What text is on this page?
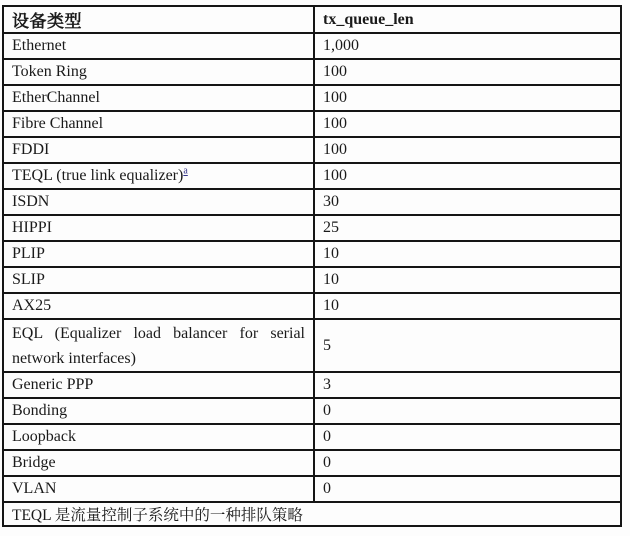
设备类型	tx_queue_len
Ethernet	1,000
Token Ring	100
EtherChannel	100
Fibre Channel	100
FDDI	100
TEQL (true link equalizer)$^a$	100
ISDN	30
HIPPI	25
PLIP	10
SLIP	10
AX25	10
EQL (Equalizer load balancer for serial network interfaces)	5
Generic PPP	3
Bonding	0
Loopback	0
Bridge	0
VLAN	0
TEQL 是流量控制子系统中的一种排队策略	
